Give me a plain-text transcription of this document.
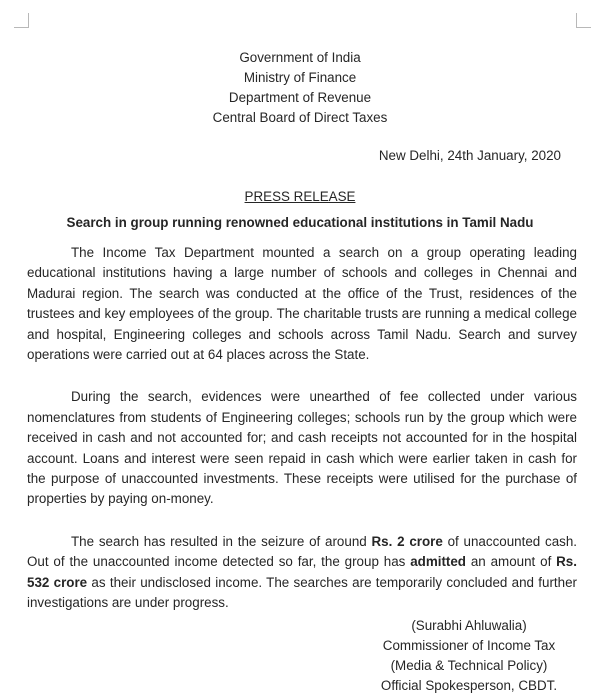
Government of India
Ministry of Finance
Department of Revenue
Central Board of Direct Taxes
New Delhi, 24th January, 2020
PRESS RELEASE
Search in group running renowned educational institutions in Tamil Nadu

The Income Tax Department mounted a search on a group operating leading educational institutions having a large number of schools and colleges in Chennai and Madurai region. The search was conducted at the office of the Trust, residences of the trustees and key employees of the group. The charitable trusts are running a medical college and hospital, Engineering colleges and schools across Tamil Nadu. Search and survey operations were carried out at 64 places across the State.

During the search, evidences were unearthed of fee collected under various nomenclatures from students of Engineering colleges; schools run by the group which were received in cash and not accounted for; and cash receipts not accounted for in the hospital account. Loans and interest were seen repaid in cash which were earlier taken in cash for the purpose of unaccounted investments. These receipts were utilised for the purchase of properties by paying on-money.

The search has resulted in the seizure of around Rs. 2 crore of unaccounted cash. Out of the unaccounted income detected so far, the group has admitted an amount of Rs. 532 crore as their undisclosed income. The searches are temporarily concluded and further investigations are under progress.

(Surabhi Ahluwalia)
Commissioner of Income Tax
(Media & Technical Policy)
Official Spokesperson, CBDT.
